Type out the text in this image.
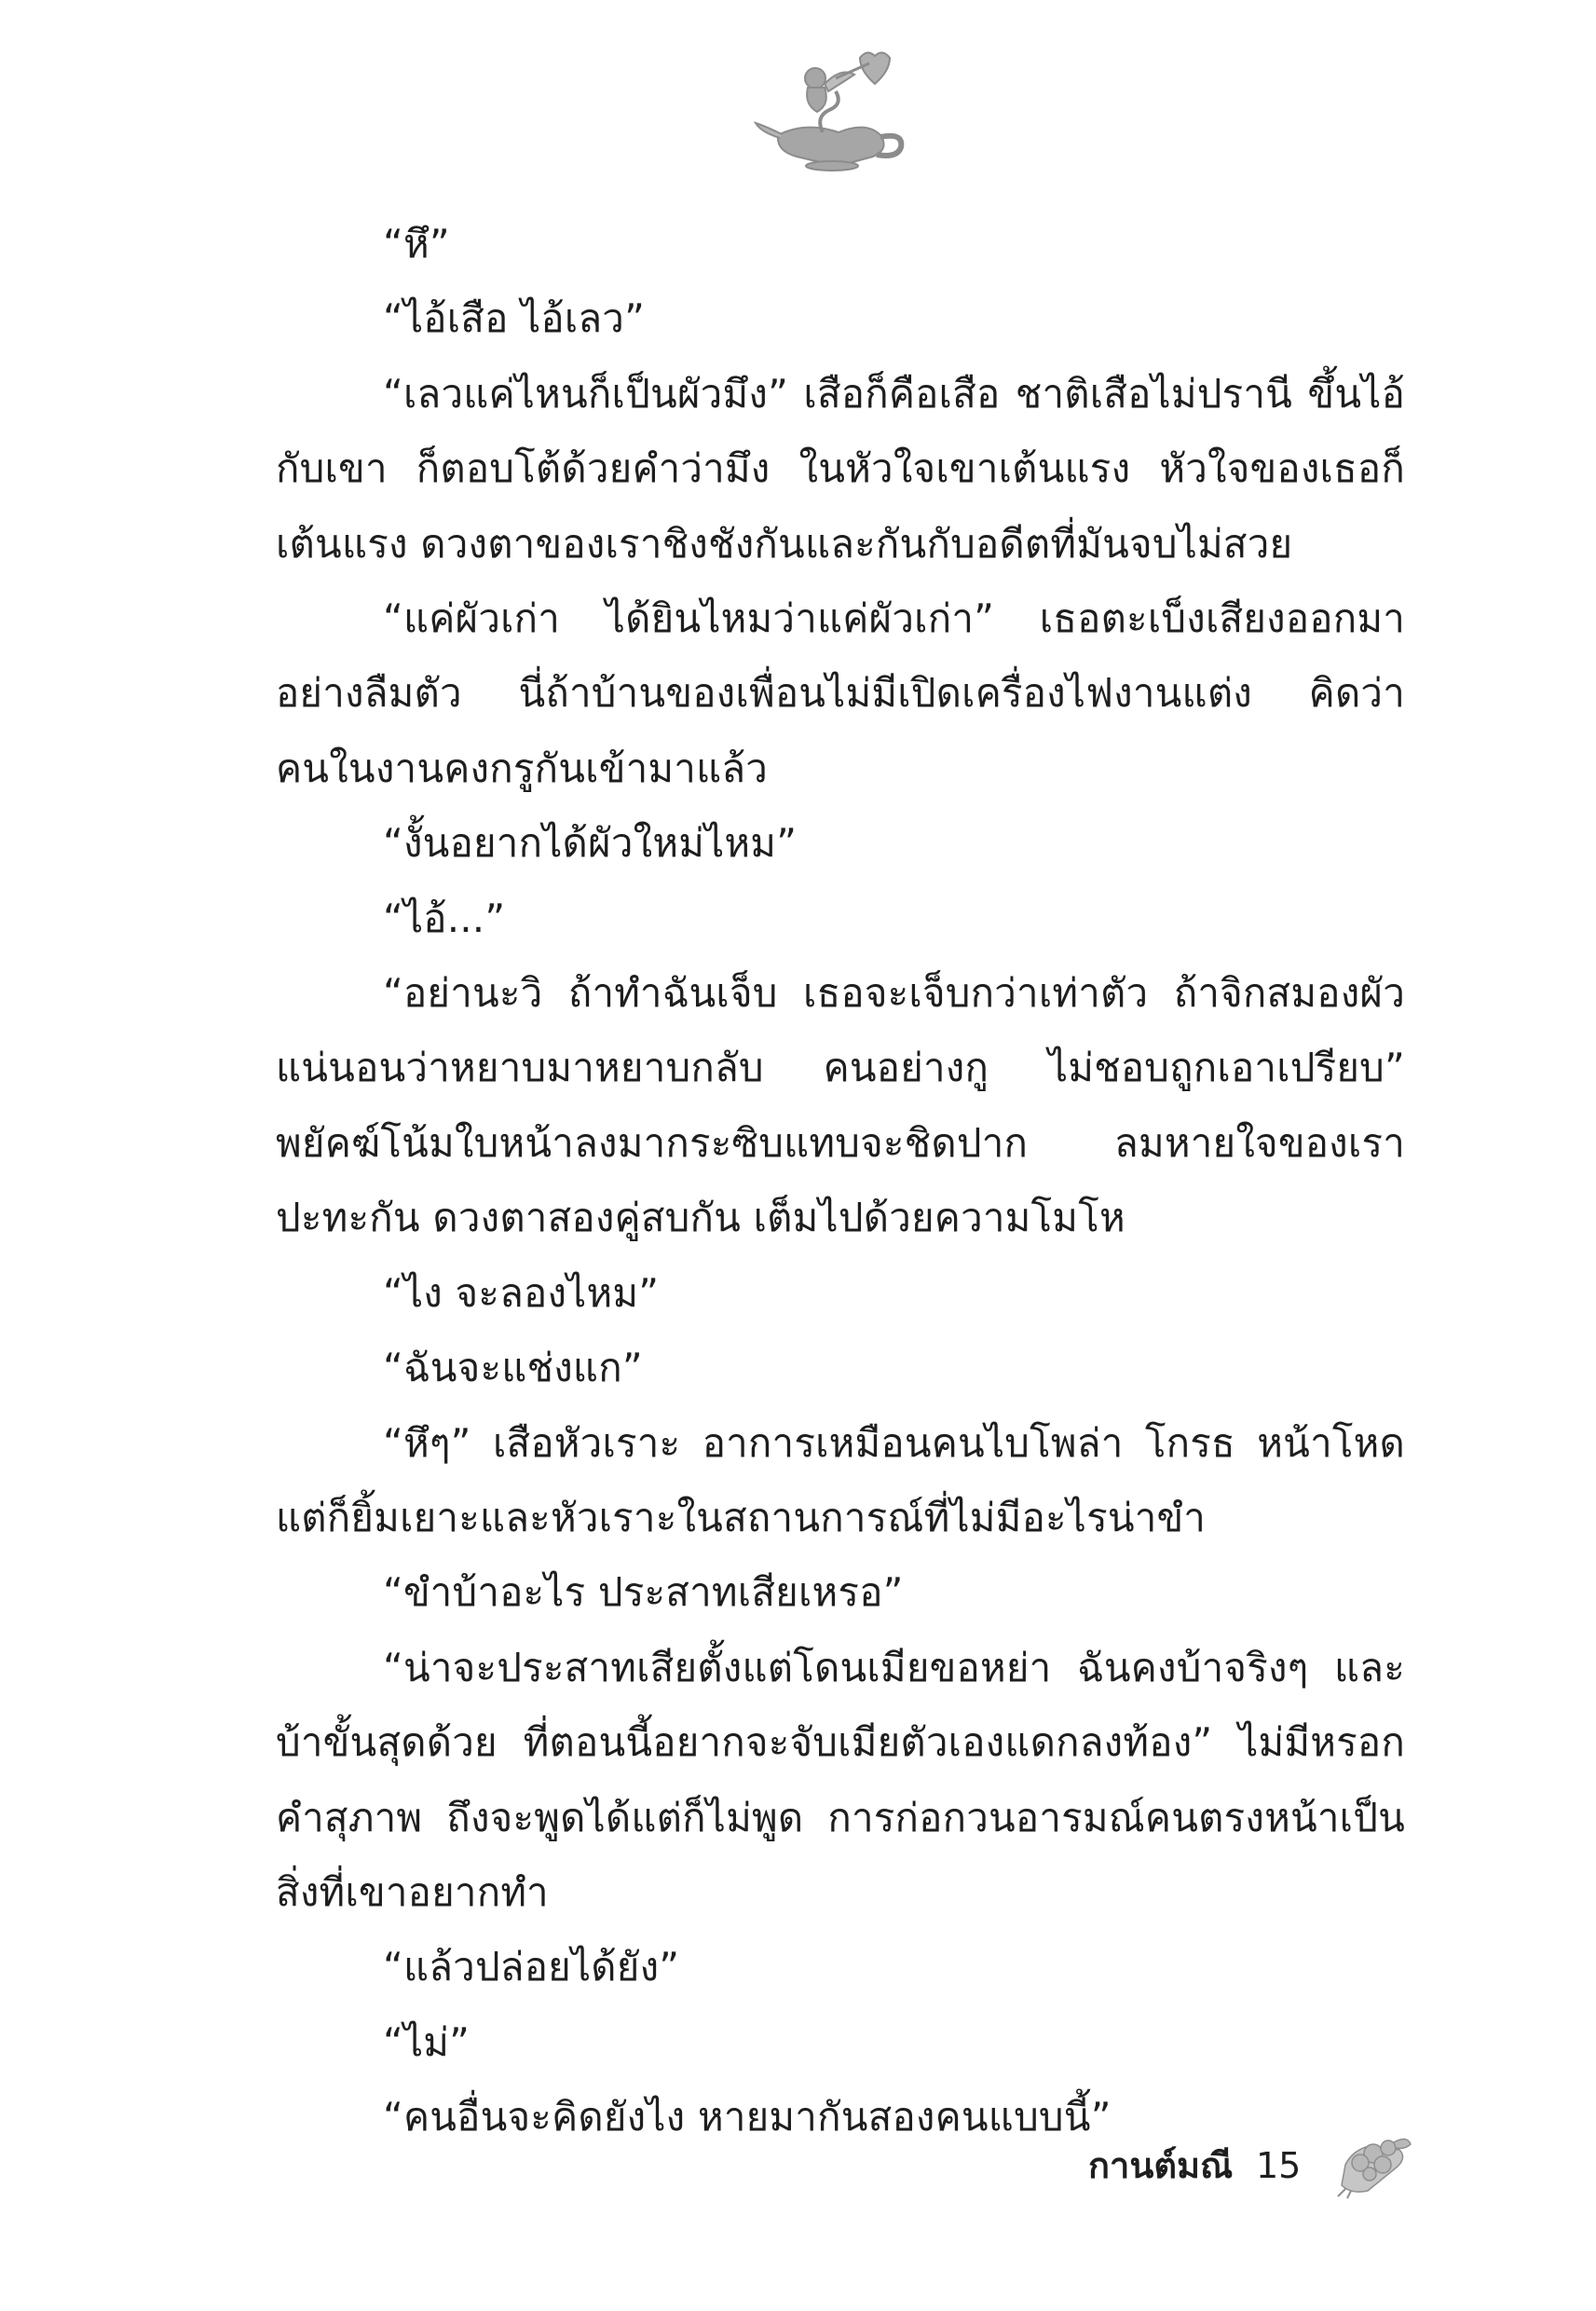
“หึ”

“ไอ้เสือ ไอ้เลว”

“เลวแค่ไหนก็เป็นผัวมึง” เสือก็คือเสือ ชาติเสือไม่ปรานี ขึ้นไอ้กับเขา ก็ตอบโต้ด้วยคำว่ามึง ในหัวใจเขาเต้นแรง หัวใจของเธอก็เต้นแรง ดวงตาของเราชิงชังกันและกันกับอดีตที่มันจบไม่สวย

“แค่ผัวเก่า ได้ยินไหมว่าแค่ผัวเก่า” เธอตะเบ็งเสียงออกมาอย่างลืมตัว นี่ถ้าบ้านของเพื่อนไม่มีเปิดเครื่องไฟงานแต่ง คิดว่าคนในงานคงกรูกันเข้ามาแล้ว

“งั้นอยากได้ผัวใหม่ไหม”

“ไอ้...”

“อย่านะวิ ถ้าทำฉันเจ็บ เธอจะเจ็บกว่าเท่าตัว ถ้าจิกสมองผัวแน่นอนว่าหยาบมาหยาบกลับ คนอย่างกู ไม่ชอบถูกเอาเปรียบ” พยัคฆ์โน้มใบหน้าลงมากระซิบแทบจะชิดปาก ลมหายใจของเราปะทะกัน ดวงตาสองคู่สบกัน เต็มไปด้วยความโมโห

“ไง จะลองไหม”

“ฉันจะแช่งแก”

“หึๆ” เสือหัวเราะ อาการเหมือนคนไบโพล่า โกรธ หน้าโหด แต่ก็ยิ้มเยาะและหัวเราะในสถานการณ์ที่ไม่มีอะไรน่าขำ

“ขำบ้าอะไร ประสาทเสียเหรอ”

“น่าจะประสาทเสียตั้งแต่โดนเมียขอหย่า ฉันคงบ้าจริงๆ และบ้าขั้นสุดด้วย ที่ตอนนี้อยากจะจับเมียตัวเองแดกลงท้อง” ไม่มีหรอกคำสุภาพ ถึงจะพูดได้แต่ก็ไม่พูด การก่อกวนอารมณ์คนตรงหน้าเป็นสิ่งที่เขาอยากทำ

“แล้วปล่อยได้ยัง”

“ไม่”

“คนอื่นจะคิดยังไง หายมากันสองคนแบบนี้”

กานต์มณี 15
